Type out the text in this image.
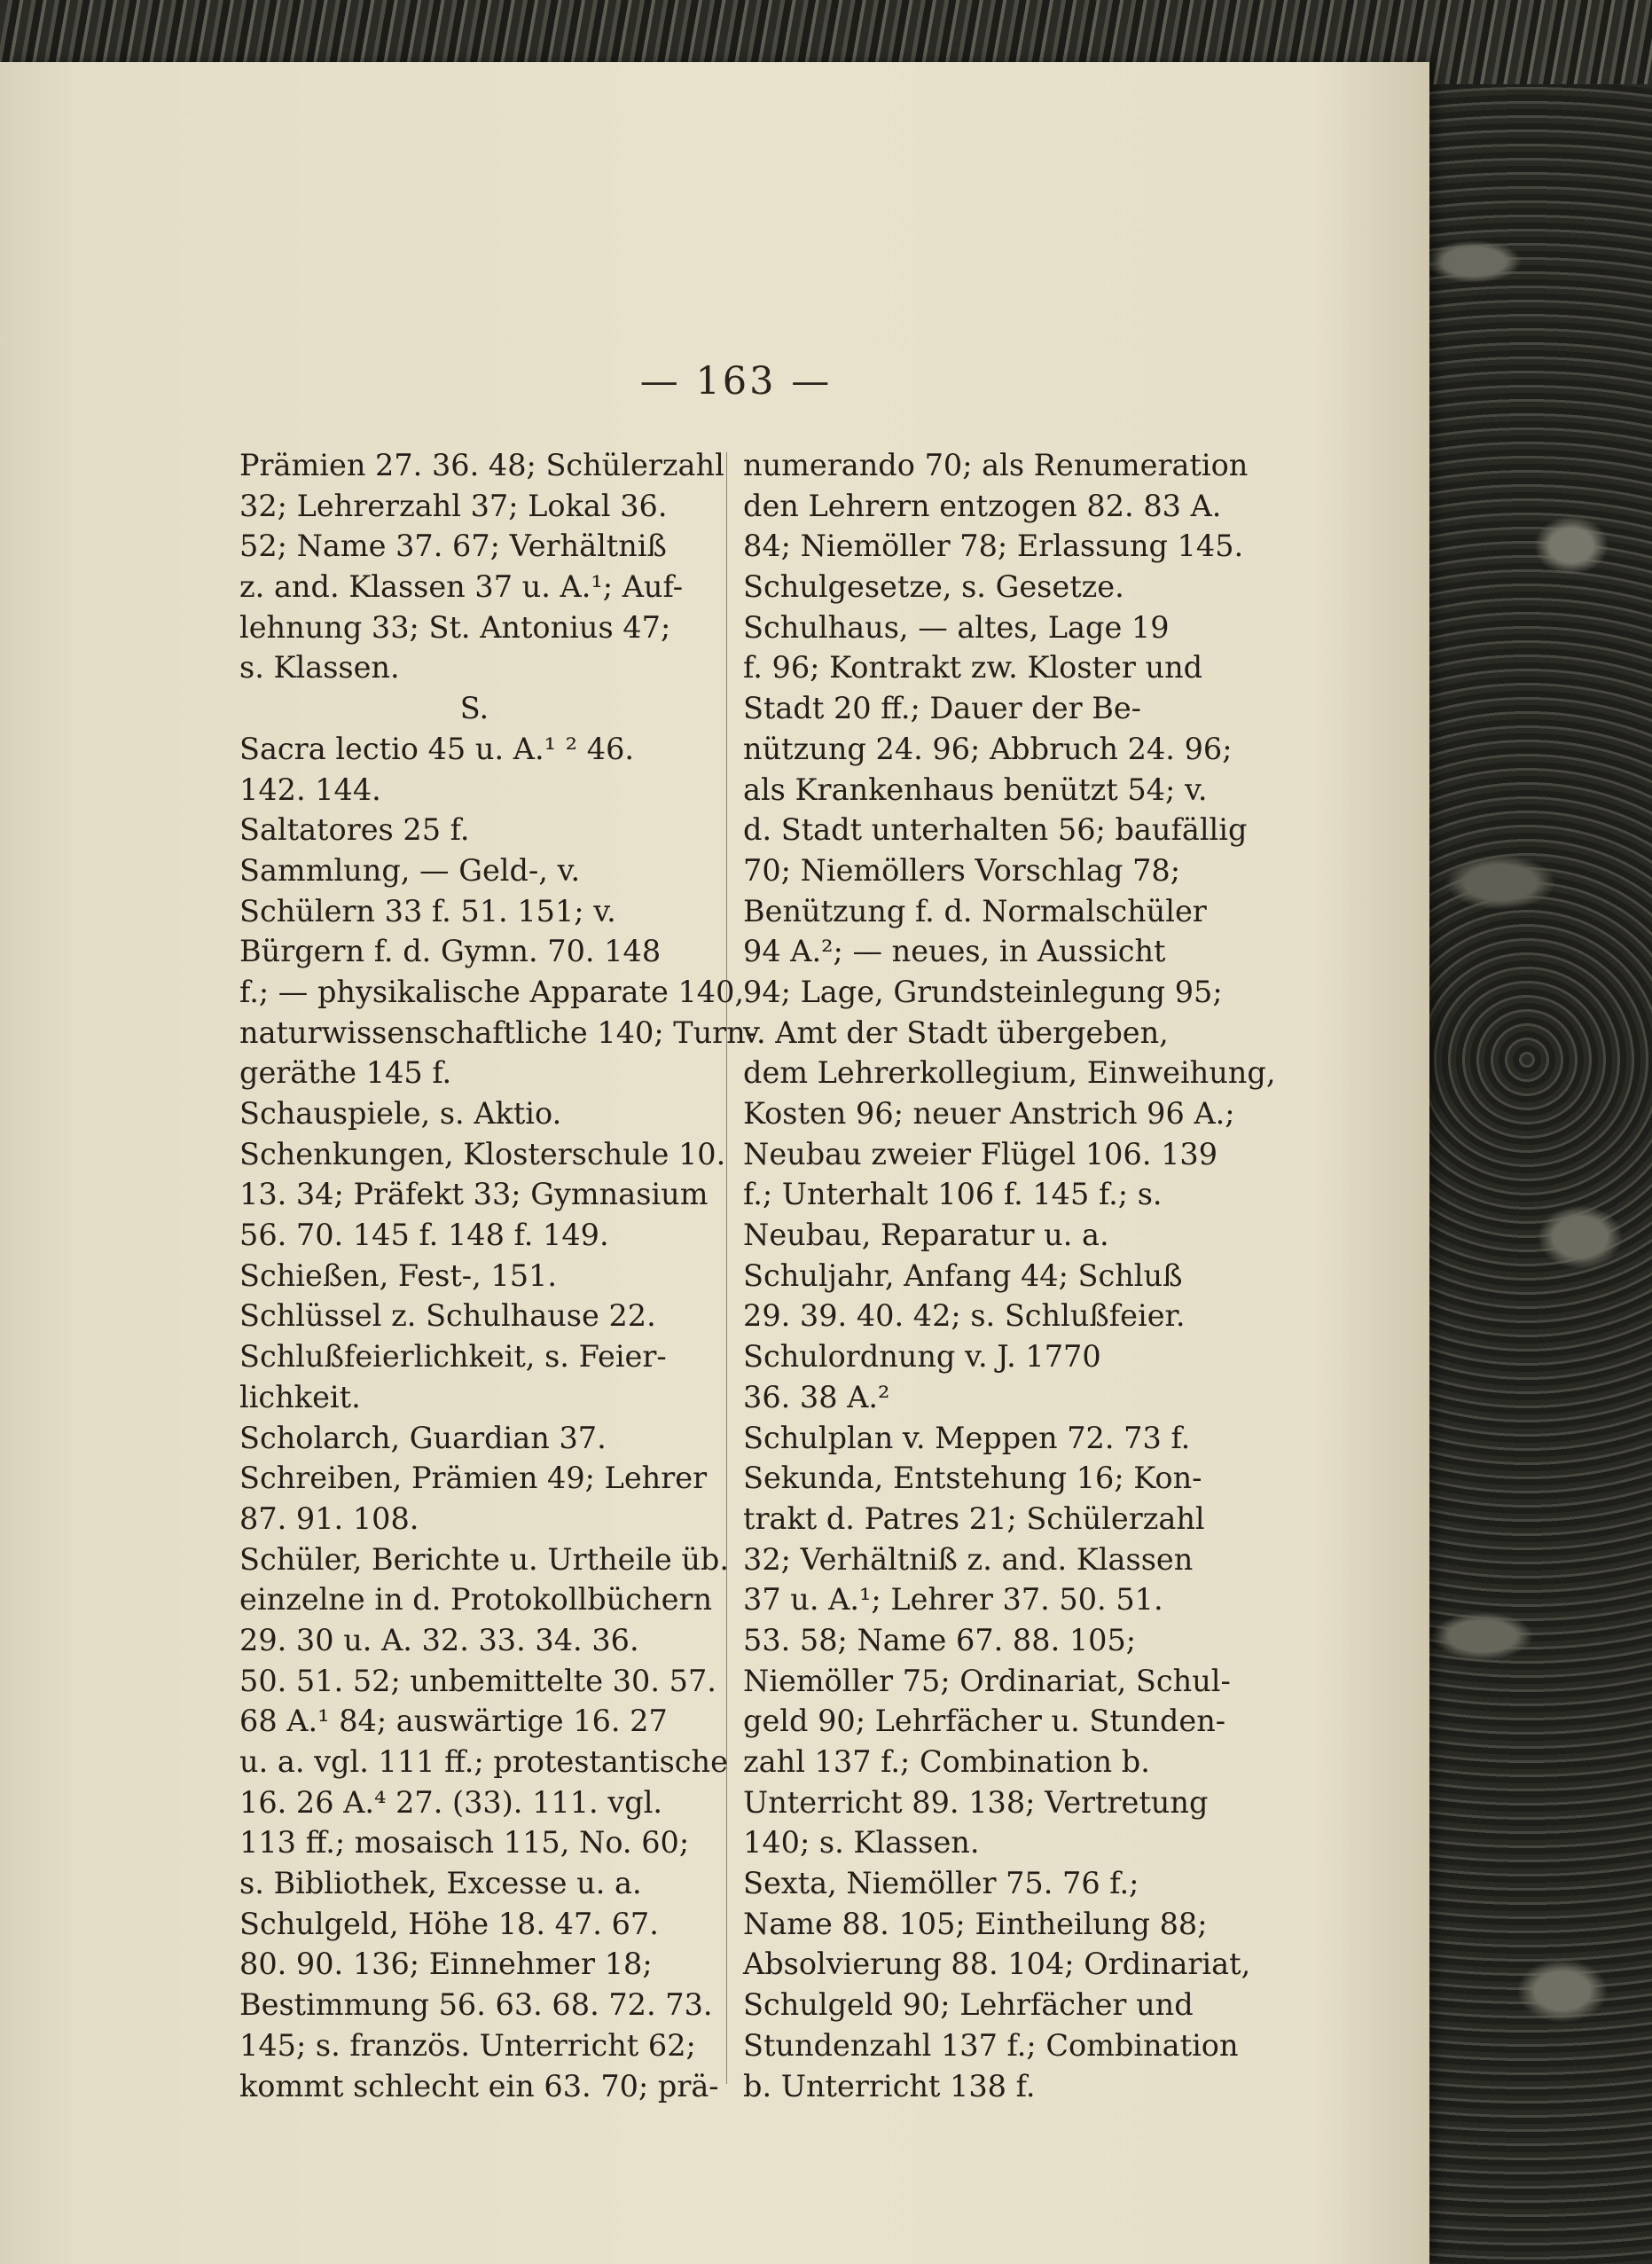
— 163 —
Prämien 27. 36. 48; Schülerzahl
32; Lehrerzahl 37; Lokal 36.
52; Name 37. 67; Verhältniß
z. and. Klassen 37 u. A.¹; Auf-
lehnung 33; St. Antonius 47;
s. Klassen.
S.
Sacra lectio 45 u. A.¹ ² 46.
142. 144.
Saltatores 25 f.
Sammlung, — Geld-, v.
Schülern 33 f. 51. 151; v.
Bürgern f. d. Gymn. 70. 148
f.; — physikalische Apparate 140,
naturwissenschaftliche 140; Turn-
geräthe 145 f.
Schauspiele, s. Aktio.
Schenkungen, Klosterschule 10.
13. 34; Präfekt 33; Gymnasium
56. 70. 145 f. 148 f. 149.
Schießen, Fest-, 151.
Schlüssel z. Schulhause 22.
Schlußfeierlichkeit, s. Feier-
lichkeit.
Scholarch, Guardian 37.
Schreiben, Prämien 49; Lehrer
87. 91. 108.
Schüler, Berichte u. Urtheile üb.
einzelne in d. Protokollbüchern
29. 30 u. A. 32. 33. 34. 36.
50. 51. 52; unbemittelte 30. 57.
68 A.¹ 84; auswärtige 16. 27
u. a. vgl. 111 ff.; protestantische
16. 26 A.⁴ 27. (33). 111. vgl.
113 ff.; mosaisch 115, No. 60;
s. Bibliothek, Excesse u. a.
Schulgeld, Höhe 18. 47. 67.
80. 90. 136; Einnehmer 18;
Bestimmung 56. 63. 68. 72. 73.
145; s. französ. Unterricht 62;
kommt schlecht ein 63. 70; prä-
numerando 70; als Renumeration
den Lehrern entzogen 82. 83 A.
84; Niemöller 78; Erlassung 145.
Schulgesetze, s. Gesetze.
Schulhaus, — altes, Lage 19
f. 96; Kontrakt zw. Kloster und
Stadt 20 ff.; Dauer der Be-
nützung 24. 96; Abbruch 24. 96;
als Krankenhaus benützt 54; v.
d. Stadt unterhalten 56; baufällig
70; Niemöllers Vorschlag 78;
Benützung f. d. Normalschüler
94 A.²; — neues, in Aussicht
94; Lage, Grundsteinlegung 95;
v. Amt der Stadt übergeben,
dem Lehrerkollegium, Einweihung,
Kosten 96; neuer Anstrich 96 A.;
Neubau zweier Flügel 106. 139
f.; Unterhalt 106 f. 145 f.; s.
Neubau, Reparatur u. a.
Schuljahr, Anfang 44; Schluß
29. 39. 40. 42; s. Schlußfeier.
Schulordnung v. J. 1770
36. 38 A.²
Schulplan v. Meppen 72. 73 f.
Sekunda, Entstehung 16; Kon-
trakt d. Patres 21; Schülerzahl
32; Verhältniß z. and. Klassen
37 u. A.¹; Lehrer 37. 50. 51.
53. 58; Name 67. 88. 105;
Niemöller 75; Ordinariat, Schul-
geld 90; Lehrfächer u. Stunden-
zahl 137 f.; Combination b.
Unterricht 89. 138; Vertretung
140; s. Klassen.
Sexta, Niemöller 75. 76 f.;
Name 88. 105; Eintheilung 88;
Absolvierung 88. 104; Ordinariat,
Schulgeld 90; Lehrfächer und
Stundenzahl 137 f.; Combination
b. Unterricht 138 f.
